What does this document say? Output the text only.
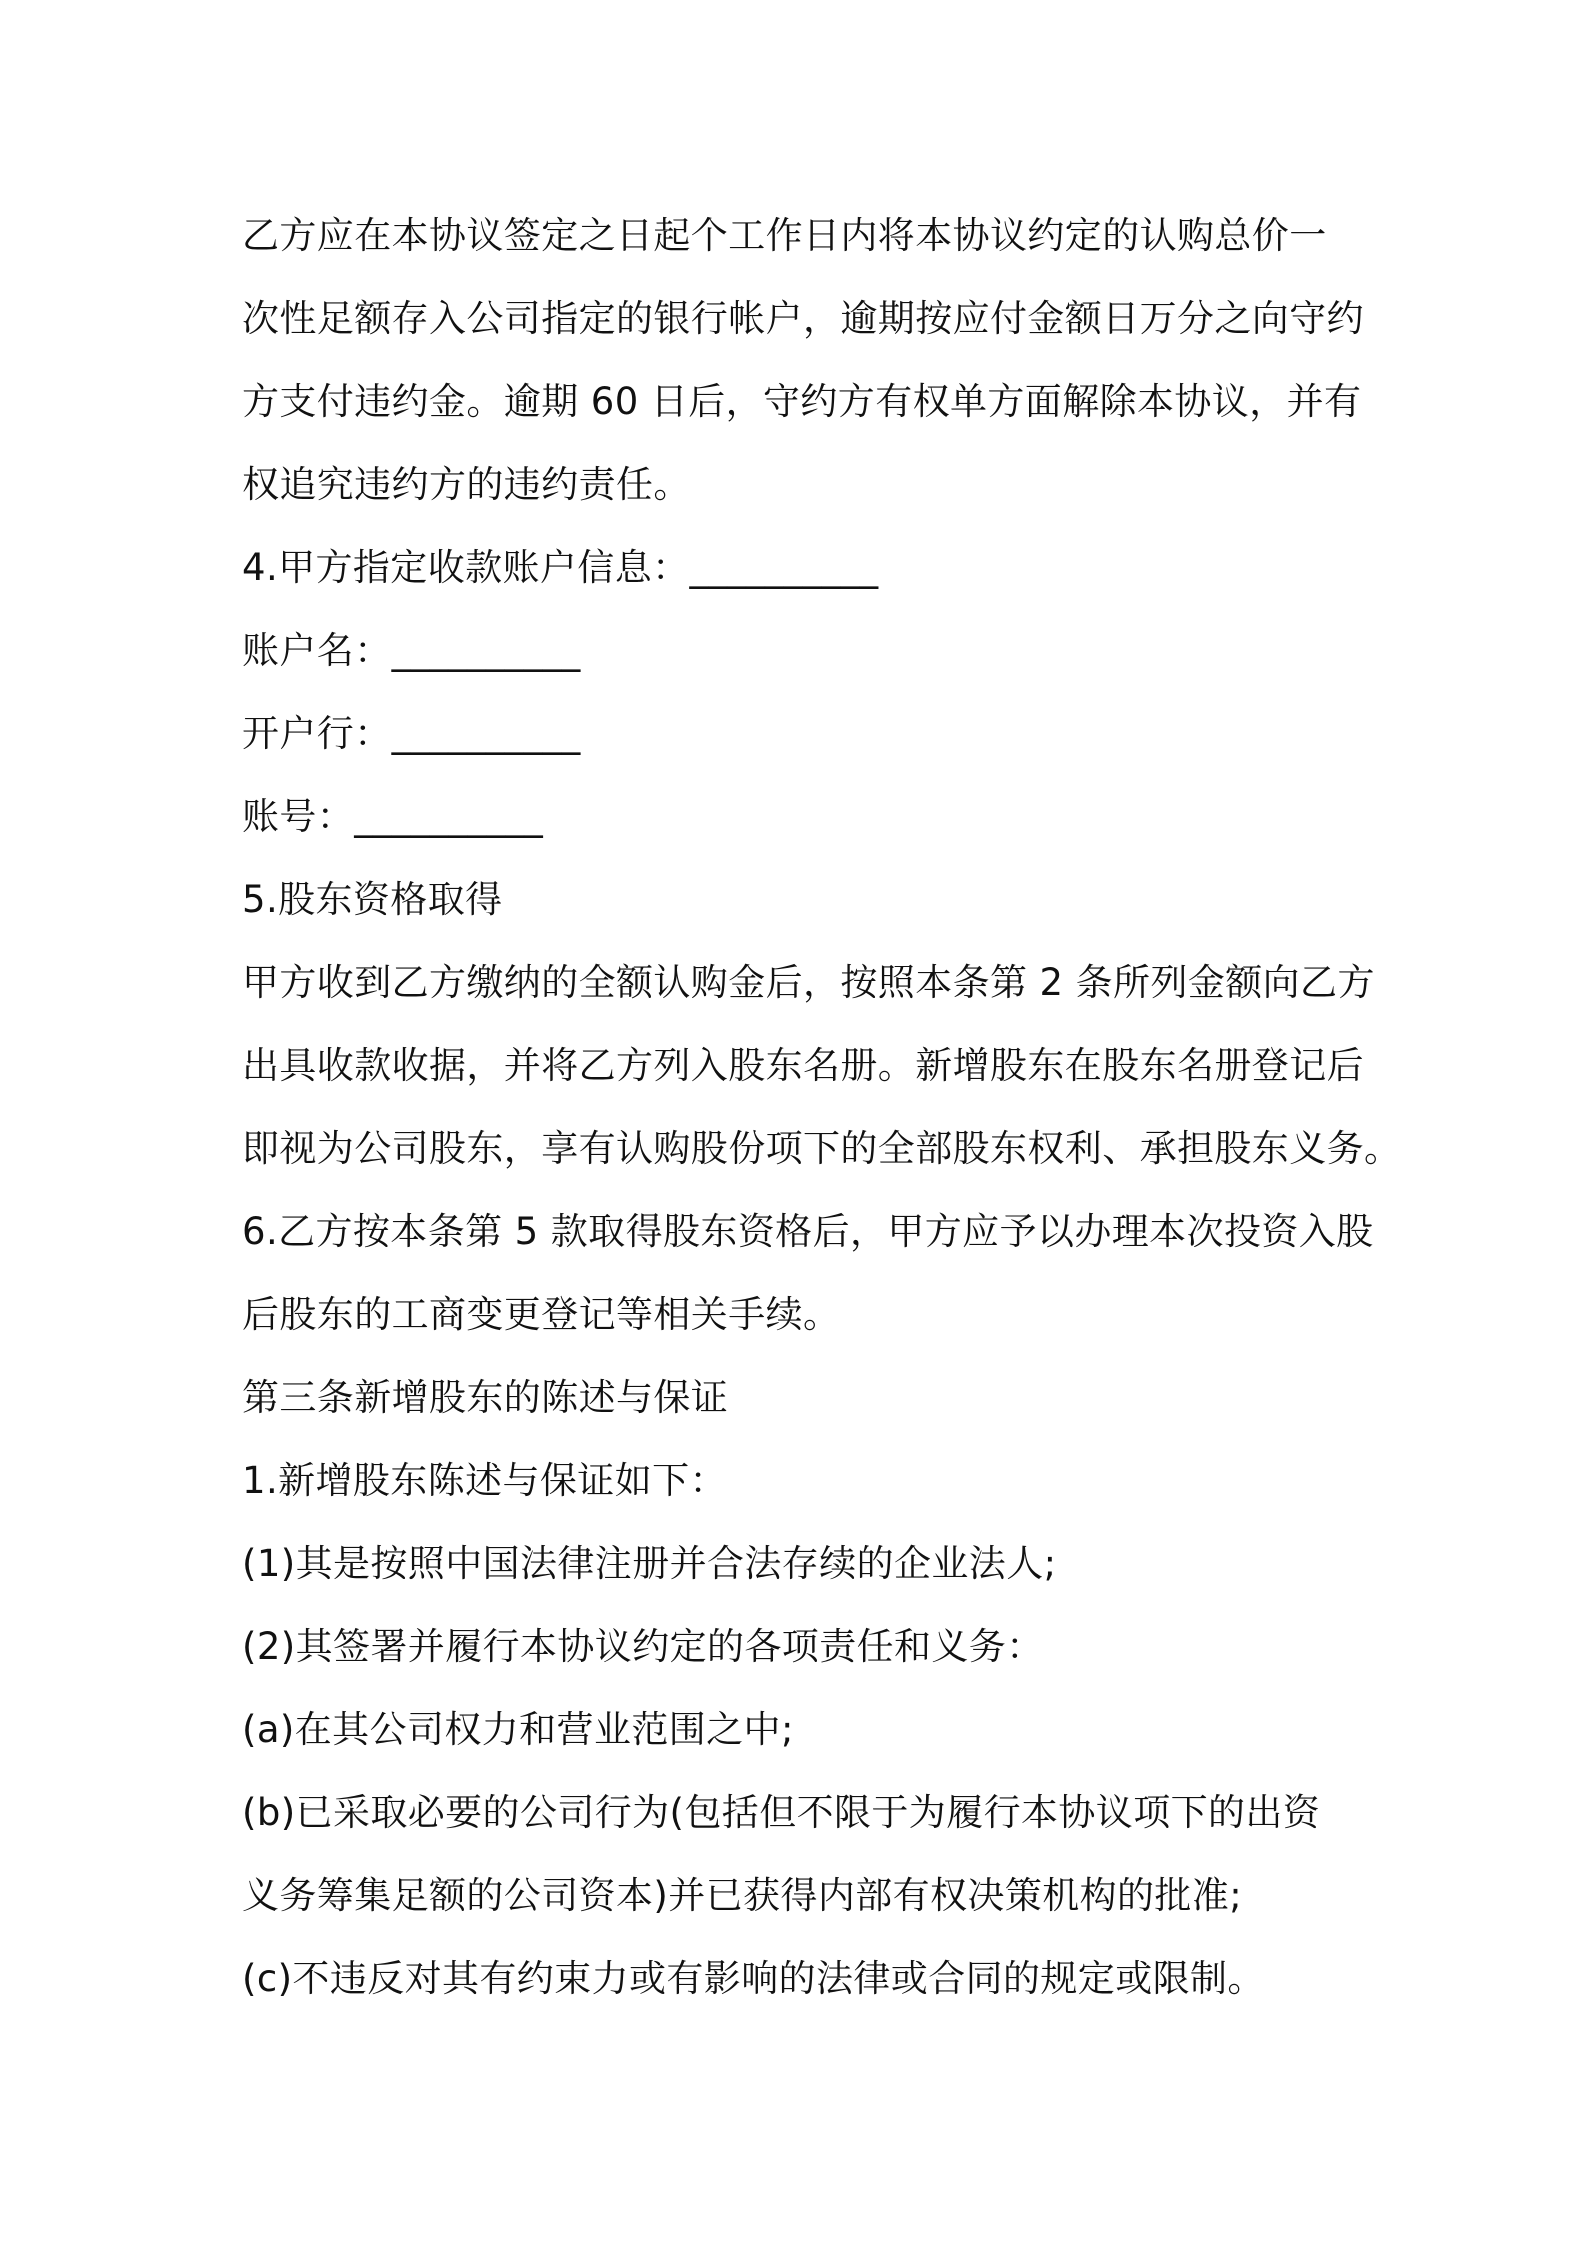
乙方应在本协议签定之日起个工作日内将本协议约定的认购总价一
次性足额存入公司指定的银行帐户，逾期按应付金额日万分之向守约
方支付违约金。逾期 60 日后，守约方有权单方面解除本协议，并有
权追究违约方的违约责任。
4.甲方指定收款账户信息：__________
账户名：__________
开户行：__________
账号：__________
5.股东资格取得
甲方收到乙方缴纳的全额认购金后，按照本条第 2 条所列金额向乙方
出具收款收据，并将乙方列入股东名册。新增股东在股东名册登记后
即视为公司股东，享有认购股份项下的全部股东权利、承担股东义务。
6.乙方按本条第 5 款取得股东资格后，甲方应予以办理本次投资入股
后股东的工商变更登记等相关手续。
第三条新增股东的陈述与保证
1.新增股东陈述与保证如下：
(1)其是按照中国法律注册并合法存续的企业法人;
(2)其签署并履行本协议约定的各项责任和义务：
(a)在其公司权力和营业范围之中;
(b)已采取必要的公司行为(包括但不限于为履行本协议项下的出资
义务筹集足额的公司资本)并已获得内部有权决策机构的批准;
(c)不违反对其有约束力或有影响的法律或合同的规定或限制。
